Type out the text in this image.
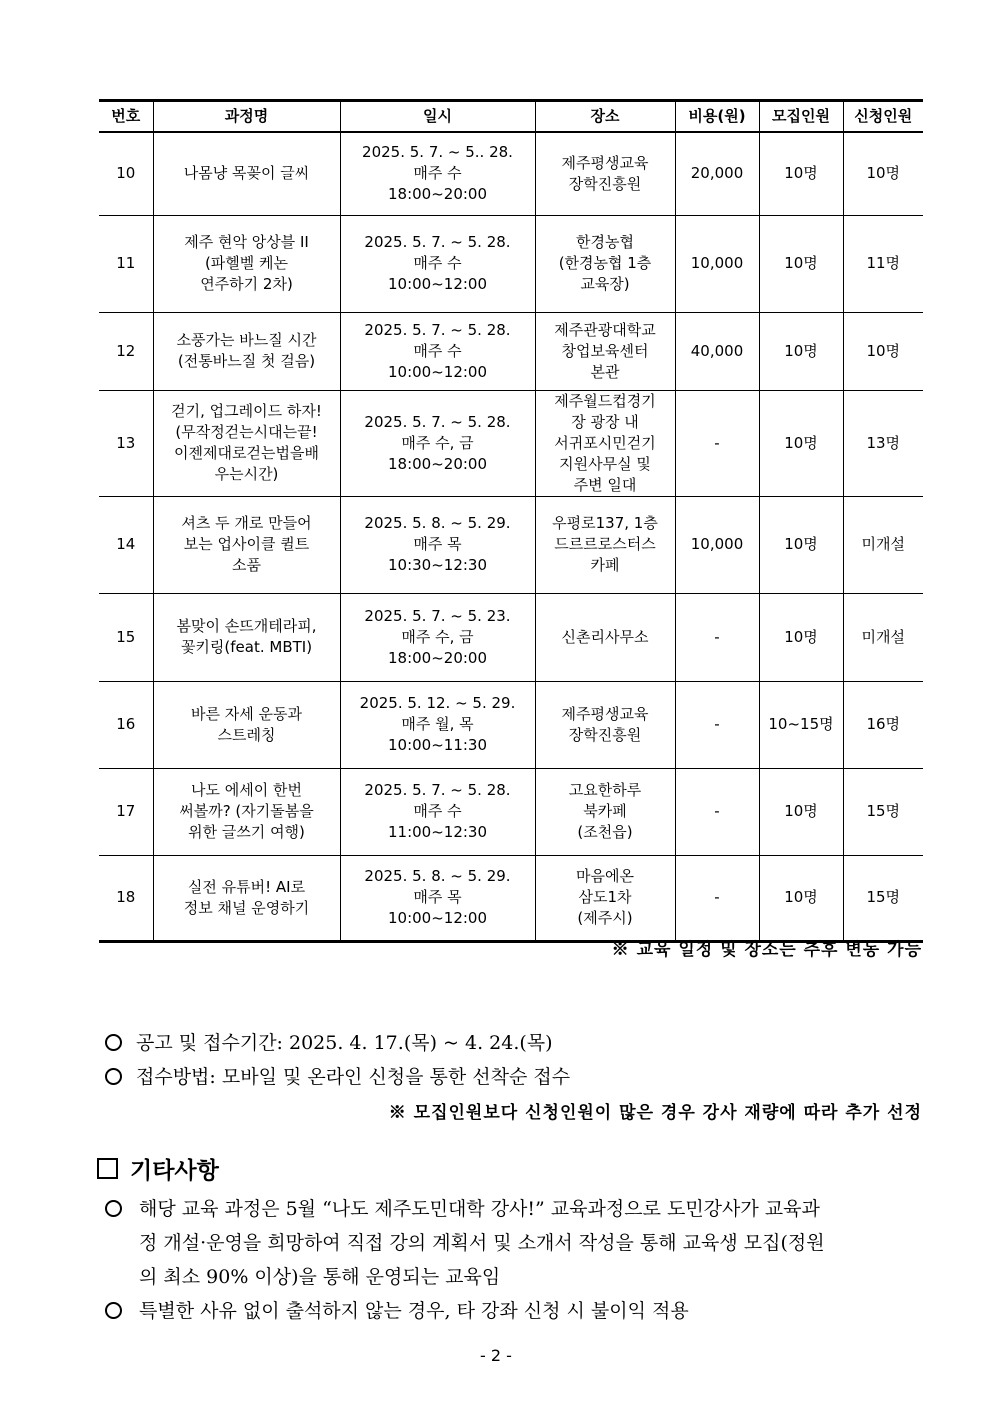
번호	과정명	일시	장소	비용(원)	모집인원	신청인원
10	나몸냥 목꽂이 글씨	2025. 5. 7. ~ 5.. 28.
매주 수
18:00~20:00	제주평생교육
장학진흥원	20,000	10명	10명
11	제주 현악 앙상블 II
(파헬벨 케논
연주하기 2차)	2025. 5. 7. ~ 5. 28.
매주 수
10:00~12:00	한경농협
(한경농협 1층
교육장)	10,000	10명	11명
12	소풍가는 바느질 시간
(전통바느질 첫 걸음)	2025. 5. 7. ~ 5. 28.
매주 수
10:00~12:00	제주관광대학교
창업보육센터
본관	40,000	10명	10명
13	걷기, 업그레이드 하자!
(무작정걷는시대는끝!
이젠제대로걷는법을배
우는시간)	2025. 5. 7. ~ 5. 28.
매주 수, 금
18:00~20:00	제주월드컵경기
장 광장 내
서귀포시민걷기
지원사무실 및
주변 일대	-	10명	13명
14	셔츠 두 개로 만들어
보는 업사이클 퀼트
소품	2025. 5. 8. ~ 5. 29.
매주 목
10:30~12:30	우평로137, 1층
드르르로스터스
카페	10,000	10명	미개설
15	봄맞이 손뜨개테라피,
꽃키링(feat. MBTI)	2025. 5. 7. ~ 5. 23.
매주 수, 금
18:00~20:00	신촌리사무소	-	10명	미개설
16	바른 자세 운동과
스트레칭	2025. 5. 12. ~ 5. 29.
매주 월, 목
10:00~11:30	제주평생교육
장학진흥원	-	10~15명	16명
17	나도 에세이 한번
써볼까? (자기돌봄을
위한 글쓰기 여행)	2025. 5. 7. ~ 5. 28.
매주 수
11:00~12:30	고요한하루
북카페
(조천읍)	-	10명	15명
18	실전 유튜버! AI로
정보 채널 운영하기	2025. 5. 8. ~ 5. 29.
매주 목
10:00~12:00	마음에온
삼도1차
(제주시)	-	10명	15명
※ 교육 일정 및 장소는 추후 변동 가능
공고 및 접수기간: 2025. 4. 17.(목) ~ 4. 24.(목)
접수방법: 모바일 및 온라인 신청을 통한 선착순 접수
※ 모집인원보다 신청인원이 많은 경우 강사 재량에 따라 추가 선정
기타사항
해당 교육 과정은 5월 “나도 제주도민대학 강사!” 교육과정으로 도민강사가 교육과
정 개설·운영을 희망하여 직접 강의 계획서 및 소개서 작성을 통해 교육생 모집(정원
의 최소 90% 이상)을 통해 운영되는 교육임
특별한 사유 없이 출석하지 않는 경우, 타 강좌 신청 시 불이익 적용
- 2 -
